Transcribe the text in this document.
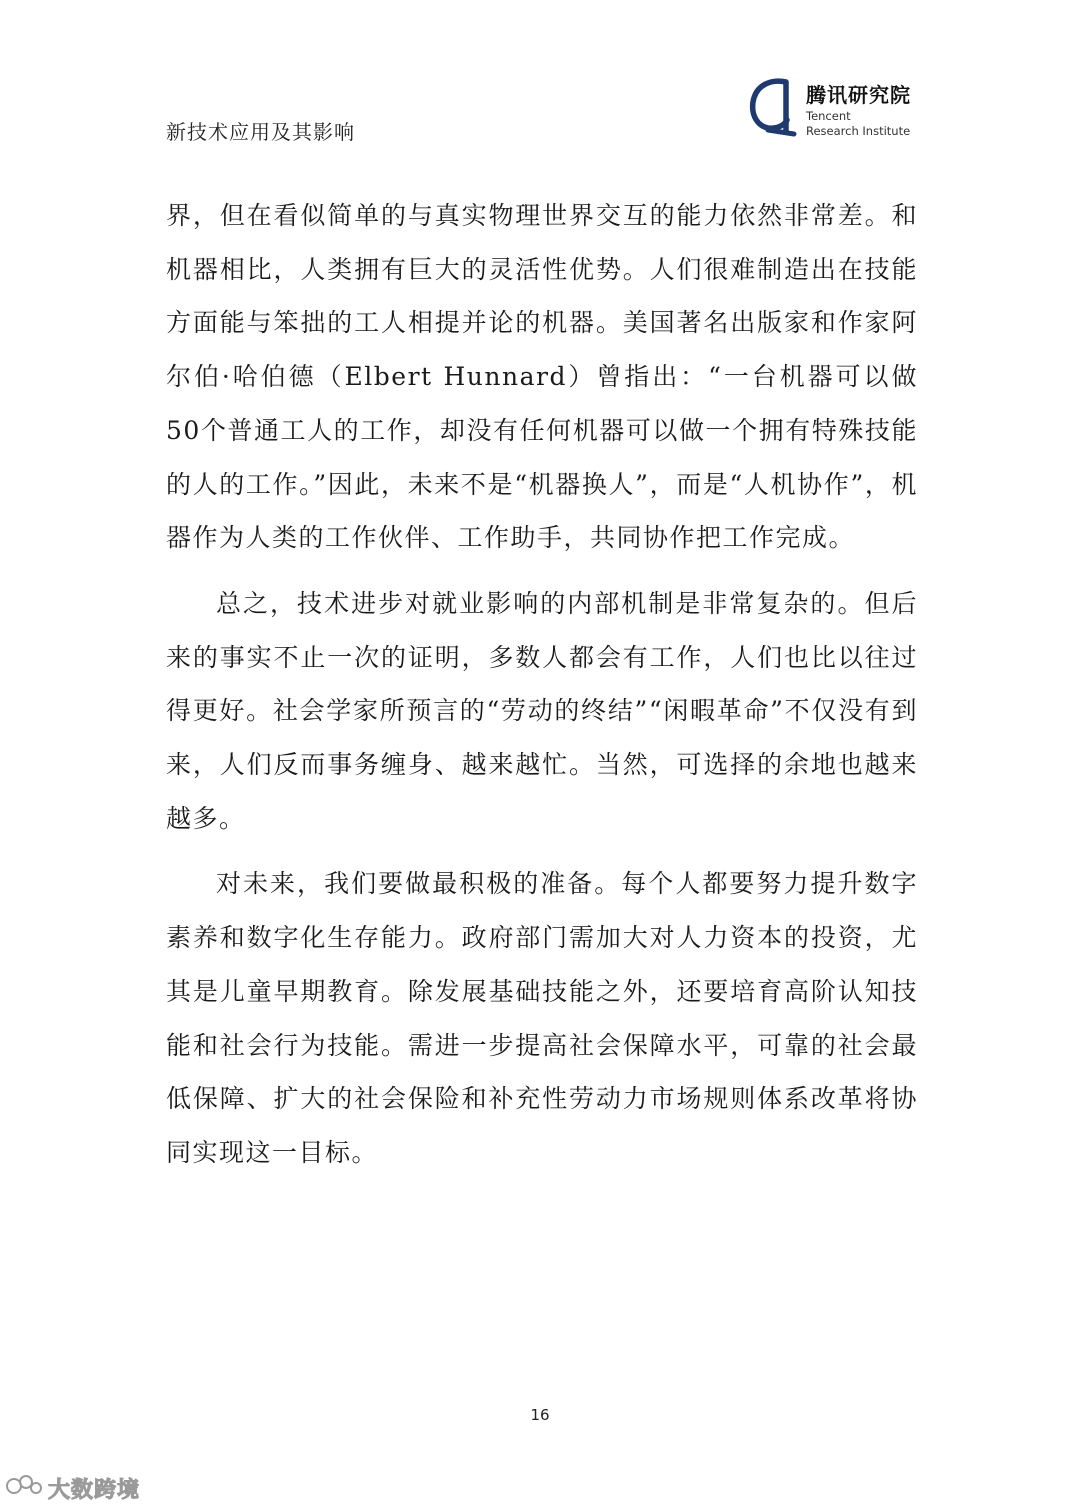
新技术应用及其影响
腾讯研究院
Tencent
Research Institute

界，但在看似简单的与真实物理世界交互的能力依然非常差。和机器相比，人类拥有巨大的灵活性优势。人们很难制造出在技能方面能与笨拙的工人相提并论的机器。美国著名出版家和作家阿尔伯·哈伯德（Elbert Hunnard）曾指出：“一台机器可以做50个普通工人的工作，却没有任何机器可以做一个拥有特殊技能的人的工作。”因此，未来不是“机器换人”，而是“人机协作”，机器作为人类的工作伙伴、工作助手，共同协作把工作完成。

总之，技术进步对就业影响的内部机制是非常复杂的。但后来的事实不止一次的证明，多数人都会有工作，人们也比以往过得更好。社会学家所预言的“劳动的终结”“闲暇革命”不仅没有到来，人们反而事务缠身、越来越忙。当然，可选择的余地也越来越多。

对未来，我们要做最积极的准备。每个人都要努力提升数字素养和数字化生存能力。政府部门需加大对人力资本的投资，尤其是儿童早期教育。除发展基础技能之外，还要培育高阶认知技能和社会行为技能。需进一步提高社会保障水平，可靠的社会最低保障、扩大的社会保险和补充性劳动力市场规则体系改革将协同实现这一目标。

16
大数跨境
